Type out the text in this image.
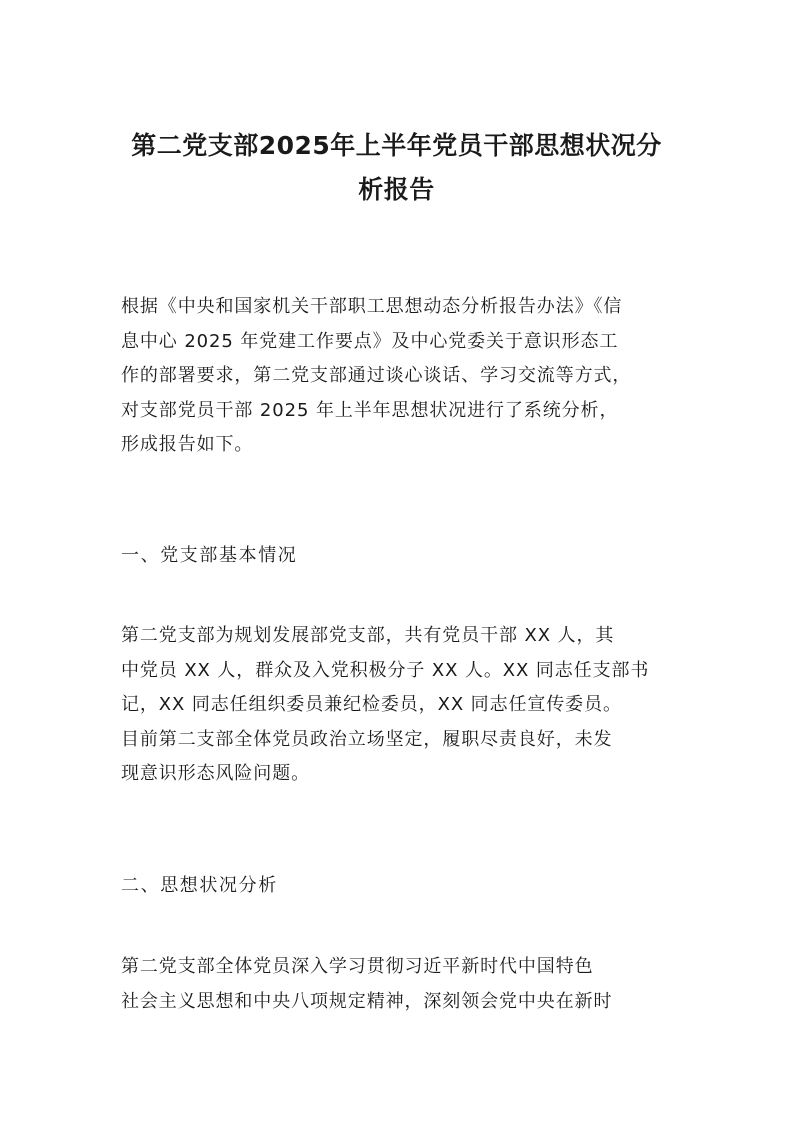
第二党支部2025年上半年党员干部思想状况分
析报告

根据《中央和国家机关干部职工思想动态分析报告办法》《信
息中心 2025 年党建工作要点》及中心党委关于意识形态工
作的部署要求，第二党支部通过谈心谈话、学习交流等方式，
对支部党员干部 2025 年上半年思想状况进行了系统分析，
形成报告如下。

一、党支部基本情况

第二党支部为规划发展部党支部，共有党员干部 XX 人，其
中党员 XX 人，群众及入党积极分子 XX 人。XX 同志任支部书
记，XX 同志任组织委员兼纪检委员，XX 同志任宣传委员。
目前第二支部全体党员政治立场坚定，履职尽责良好，未发
现意识形态风险问题。

二、思想状况分析

第二党支部全体党员深入学习贯彻习近平新时代中国特色
社会主义思想和中央八项规定精神，深刻领会党中央在新时
